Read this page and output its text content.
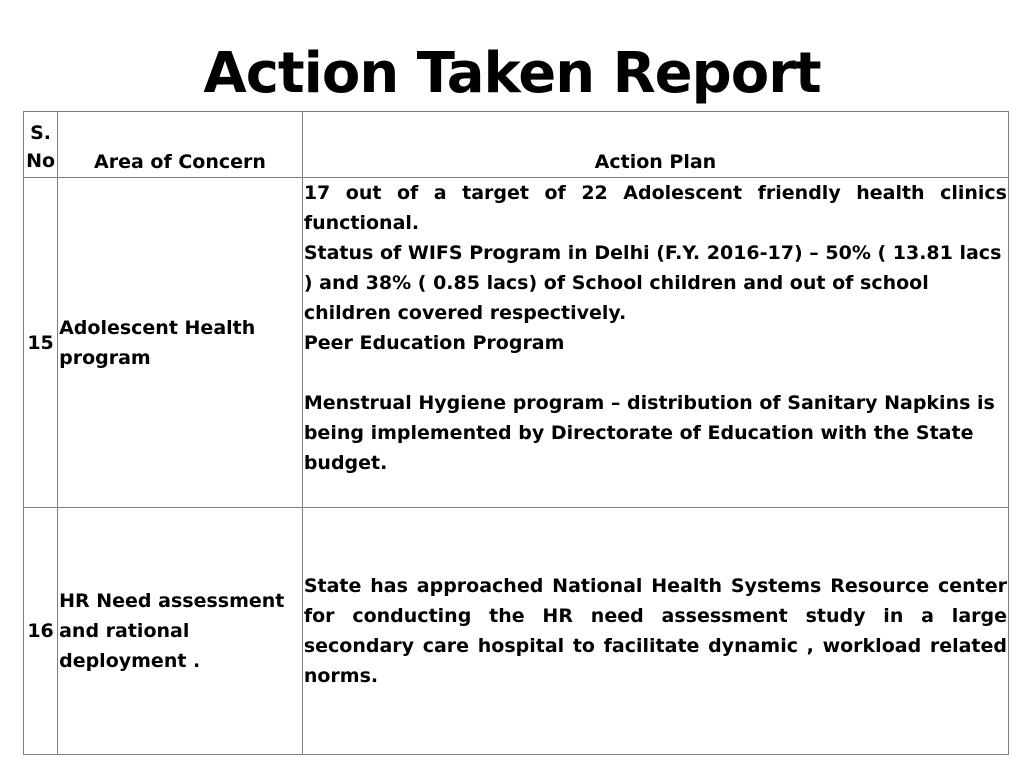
Action Taken Report
S. No	Area of Concern	Action Plan
15	Adolescent Health program	17 out of a target of 22 Adolescent friendly health clinics functional.

Status of WIFS Program in Delhi (F.Y. 2016-17) – 50% ( 13.81 lacs ) and 38% ( 0.85 lacs) of School children and out of school children covered respectively.

Peer Education Program

Menstrual Hygiene program – distribution of Sanitary Napkins is being implemented by Directorate of Education with the State budget.

16	HR Need assessment and rational deployment .	State has approached National Health Systems Resource center for conducting the HR need assessment study in a large secondary care hospital to facilitate dynamic , workload related norms.
